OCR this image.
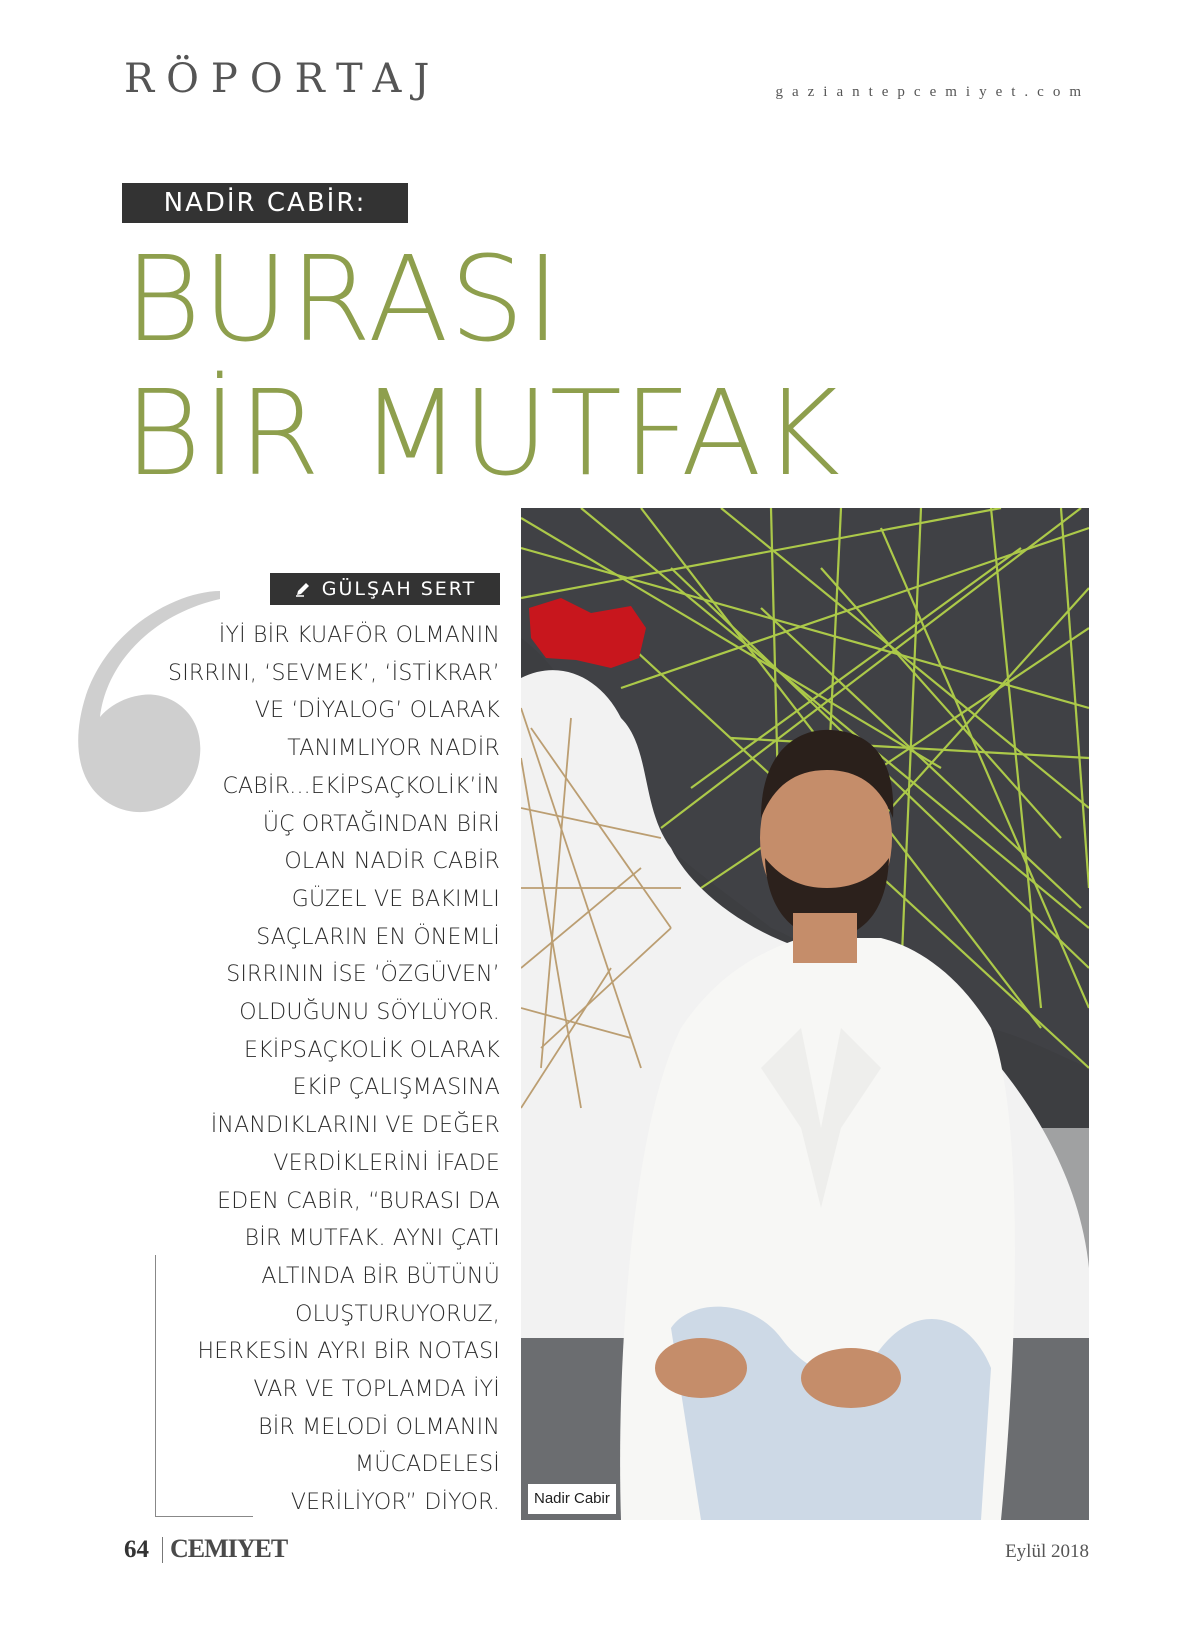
RÖPORTAJ	gaziantepcemiyet.com
NADİR CABİR:
BURASI
BİR MUTFAK
Nadir Cabir
GÜLŞAH SERT

İYİ BİR KUAFÖR OLMANIN
SIRRINI, ‘SEVMEK’, ‘İSTİKRAR’
VE ‘DİYALOG’ OLARAK
TANIMLIYOR NADİR
CABİR...EKİPSAÇKOLİK’İN
ÜÇ ORTAĞINDAN BİRİ
OLAN NADİR CABİR
GÜZEL VE BAKIMLI
SAÇLARIN EN ÖNEMLİ
SIRRININ İSE ‘ÖZGÜVEN’
OLDUĞUNU SÖYLÜYOR.
EKİPSAÇKOLİK OLARAK
EKİP ÇALIŞMASINA
İNANDIKLARINI VE DEĞER
VERDİKLERİNİ İFADE
EDEN CABİR, “BURASI DA
BİR MUTFAK. AYNI ÇATI
ALTINDA BİR BÜTÜNÜ
OLUŞTURUYORUZ,
HERKESİN AYRI BİR NOTASI
VAR VE TOPLAMDA İYİ
BİR MELODİ OLMANIN
MÜCADELESİ
VERİLİYOR” DİYOR.

64 CEMIYET	Eylül 2018
